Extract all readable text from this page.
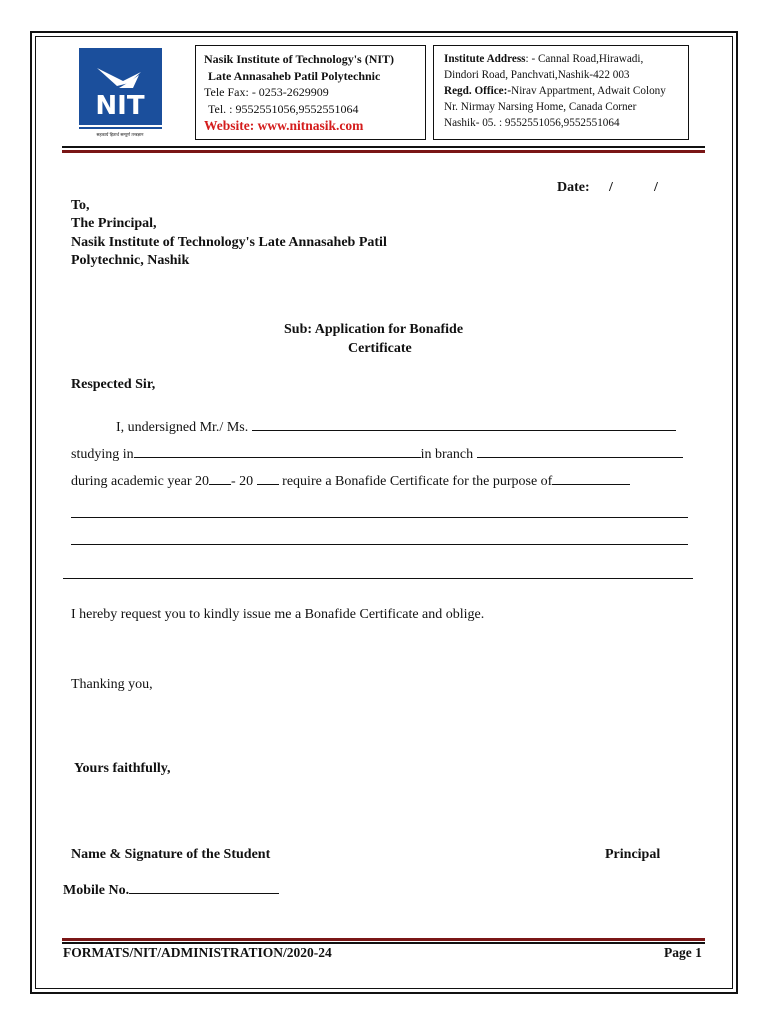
NIT
सहकार्य हितार्थ सम्पूर्ण तन्त्रज्ञान
Nasik Institute of Technology's (NIT)
Late Annasaheb Patil Polytechnic
Tele Fax: - 0253-2629909
Tel. : 9552551056,9552551064
Website: www.nitnasik.com
Institute Address: - Cannal Road,Hirawadi,
Dindori Road, Panchvati,Nashik-422 003
Regd. Office:-Nirav Appartment, Adwait Colony
Nr. Nirmay Narsing Home, Canada Corner
Nashik- 05. : 9552551056,9552551064
Date: /	/
To,
The Principal,
Nasik Institute of Technology's Late Annasaheb Patil
Polytechnic, Nashik
Sub: Application for Bonafide
Certificate
Respected Sir,
I, undersigned Mr./ Ms.
studying in	in branch
during academic year 20 - 20 require a Bonafide Certificate for the purpose of
I hereby request you to kindly issue me a Bonafide Certificate and oblige.
Thanking you,
Yours faithfully,
Name & Signature of the Student	Principal
Mobile No.
FORMATS/NIT/ADMINISTRATION/2020-24	Page 1
